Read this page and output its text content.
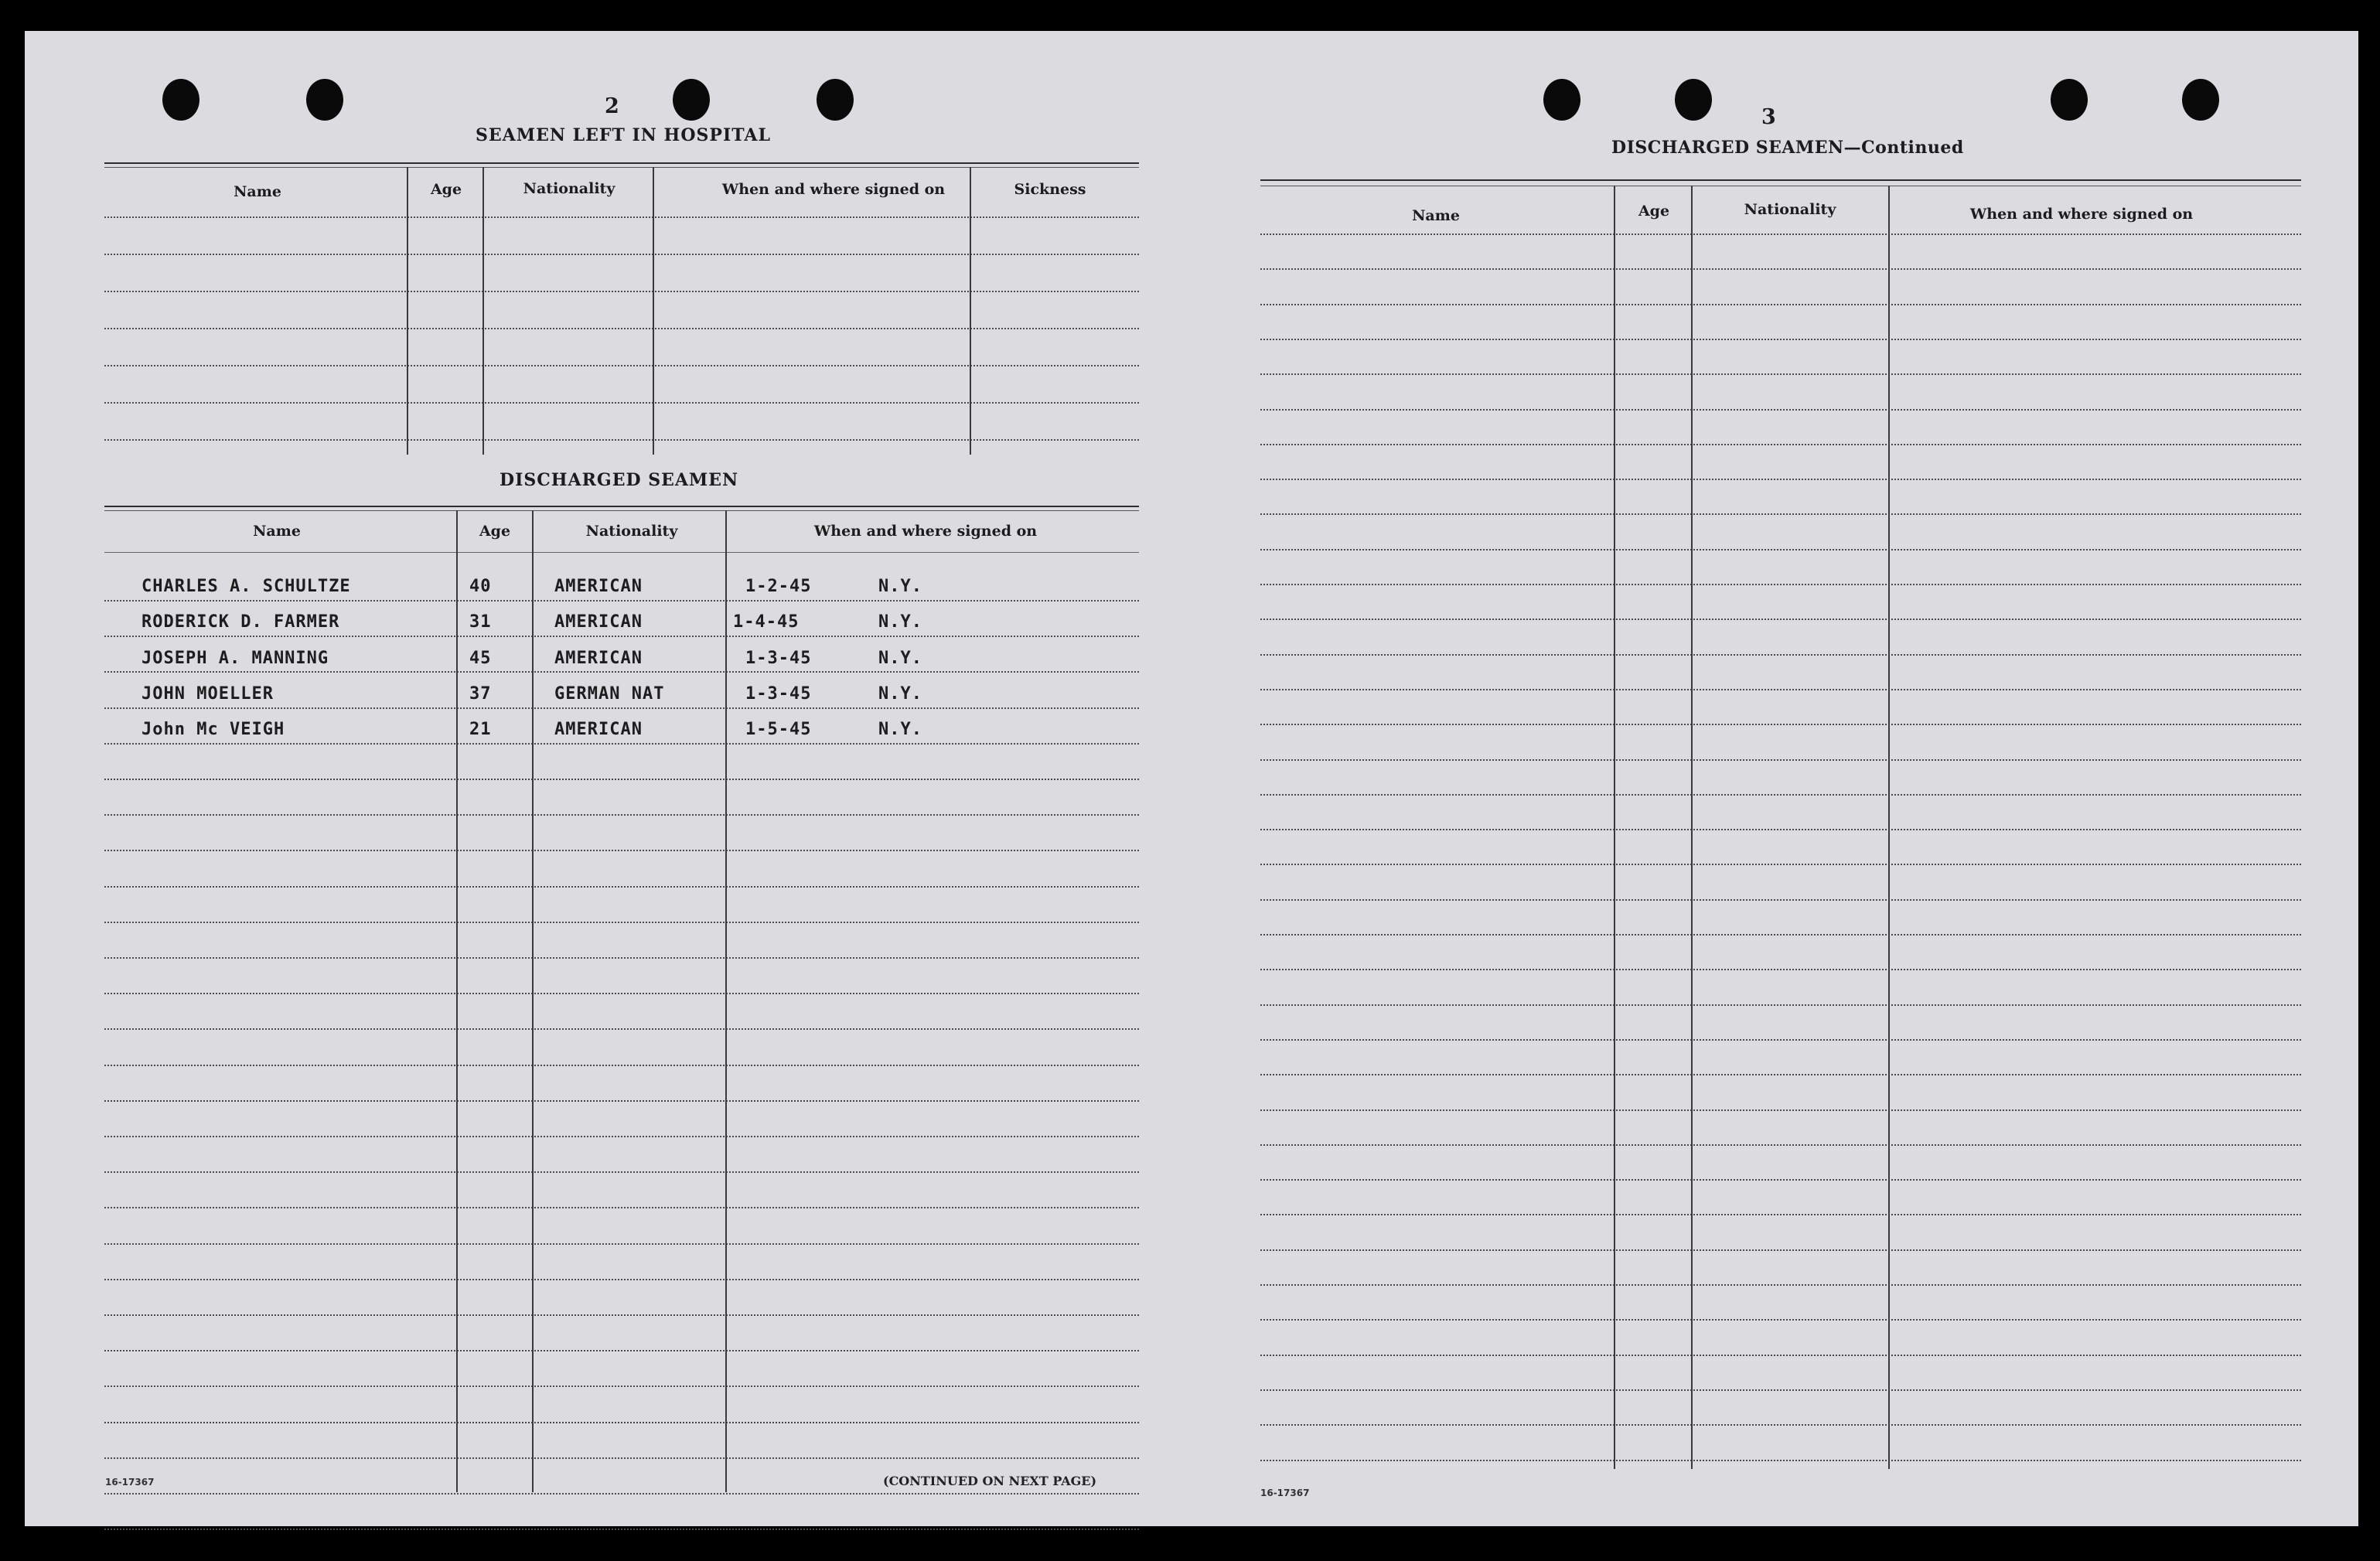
2
SEAMEN LEFT IN HOSPITAL
Name	Age	Nationality	When and where signed on	Sickness
DISCHARGED SEAMEN
Name	Age	Nationality	When and where signed on
CHARLES A. SCHULTZE	40	AMERICAN	1-2-45	N.Y.
RODERICK D. FARMER	31	AMERICAN	1-4-45	N.Y.
JOSEPH A. MANNING	45	AMERICAN	1-3-45	N.Y.
JOHN MOELLER	37	GERMAN NAT	1-3-45	N.Y.
John Mc VEIGH	21	AMERICAN	1-5-45	N.Y.
16-17367	(CONTINUED ON NEXT PAGE)
3
DISCHARGED SEAMEN—Continued
Name	Age	Nationality	When and where signed on
16-17367
